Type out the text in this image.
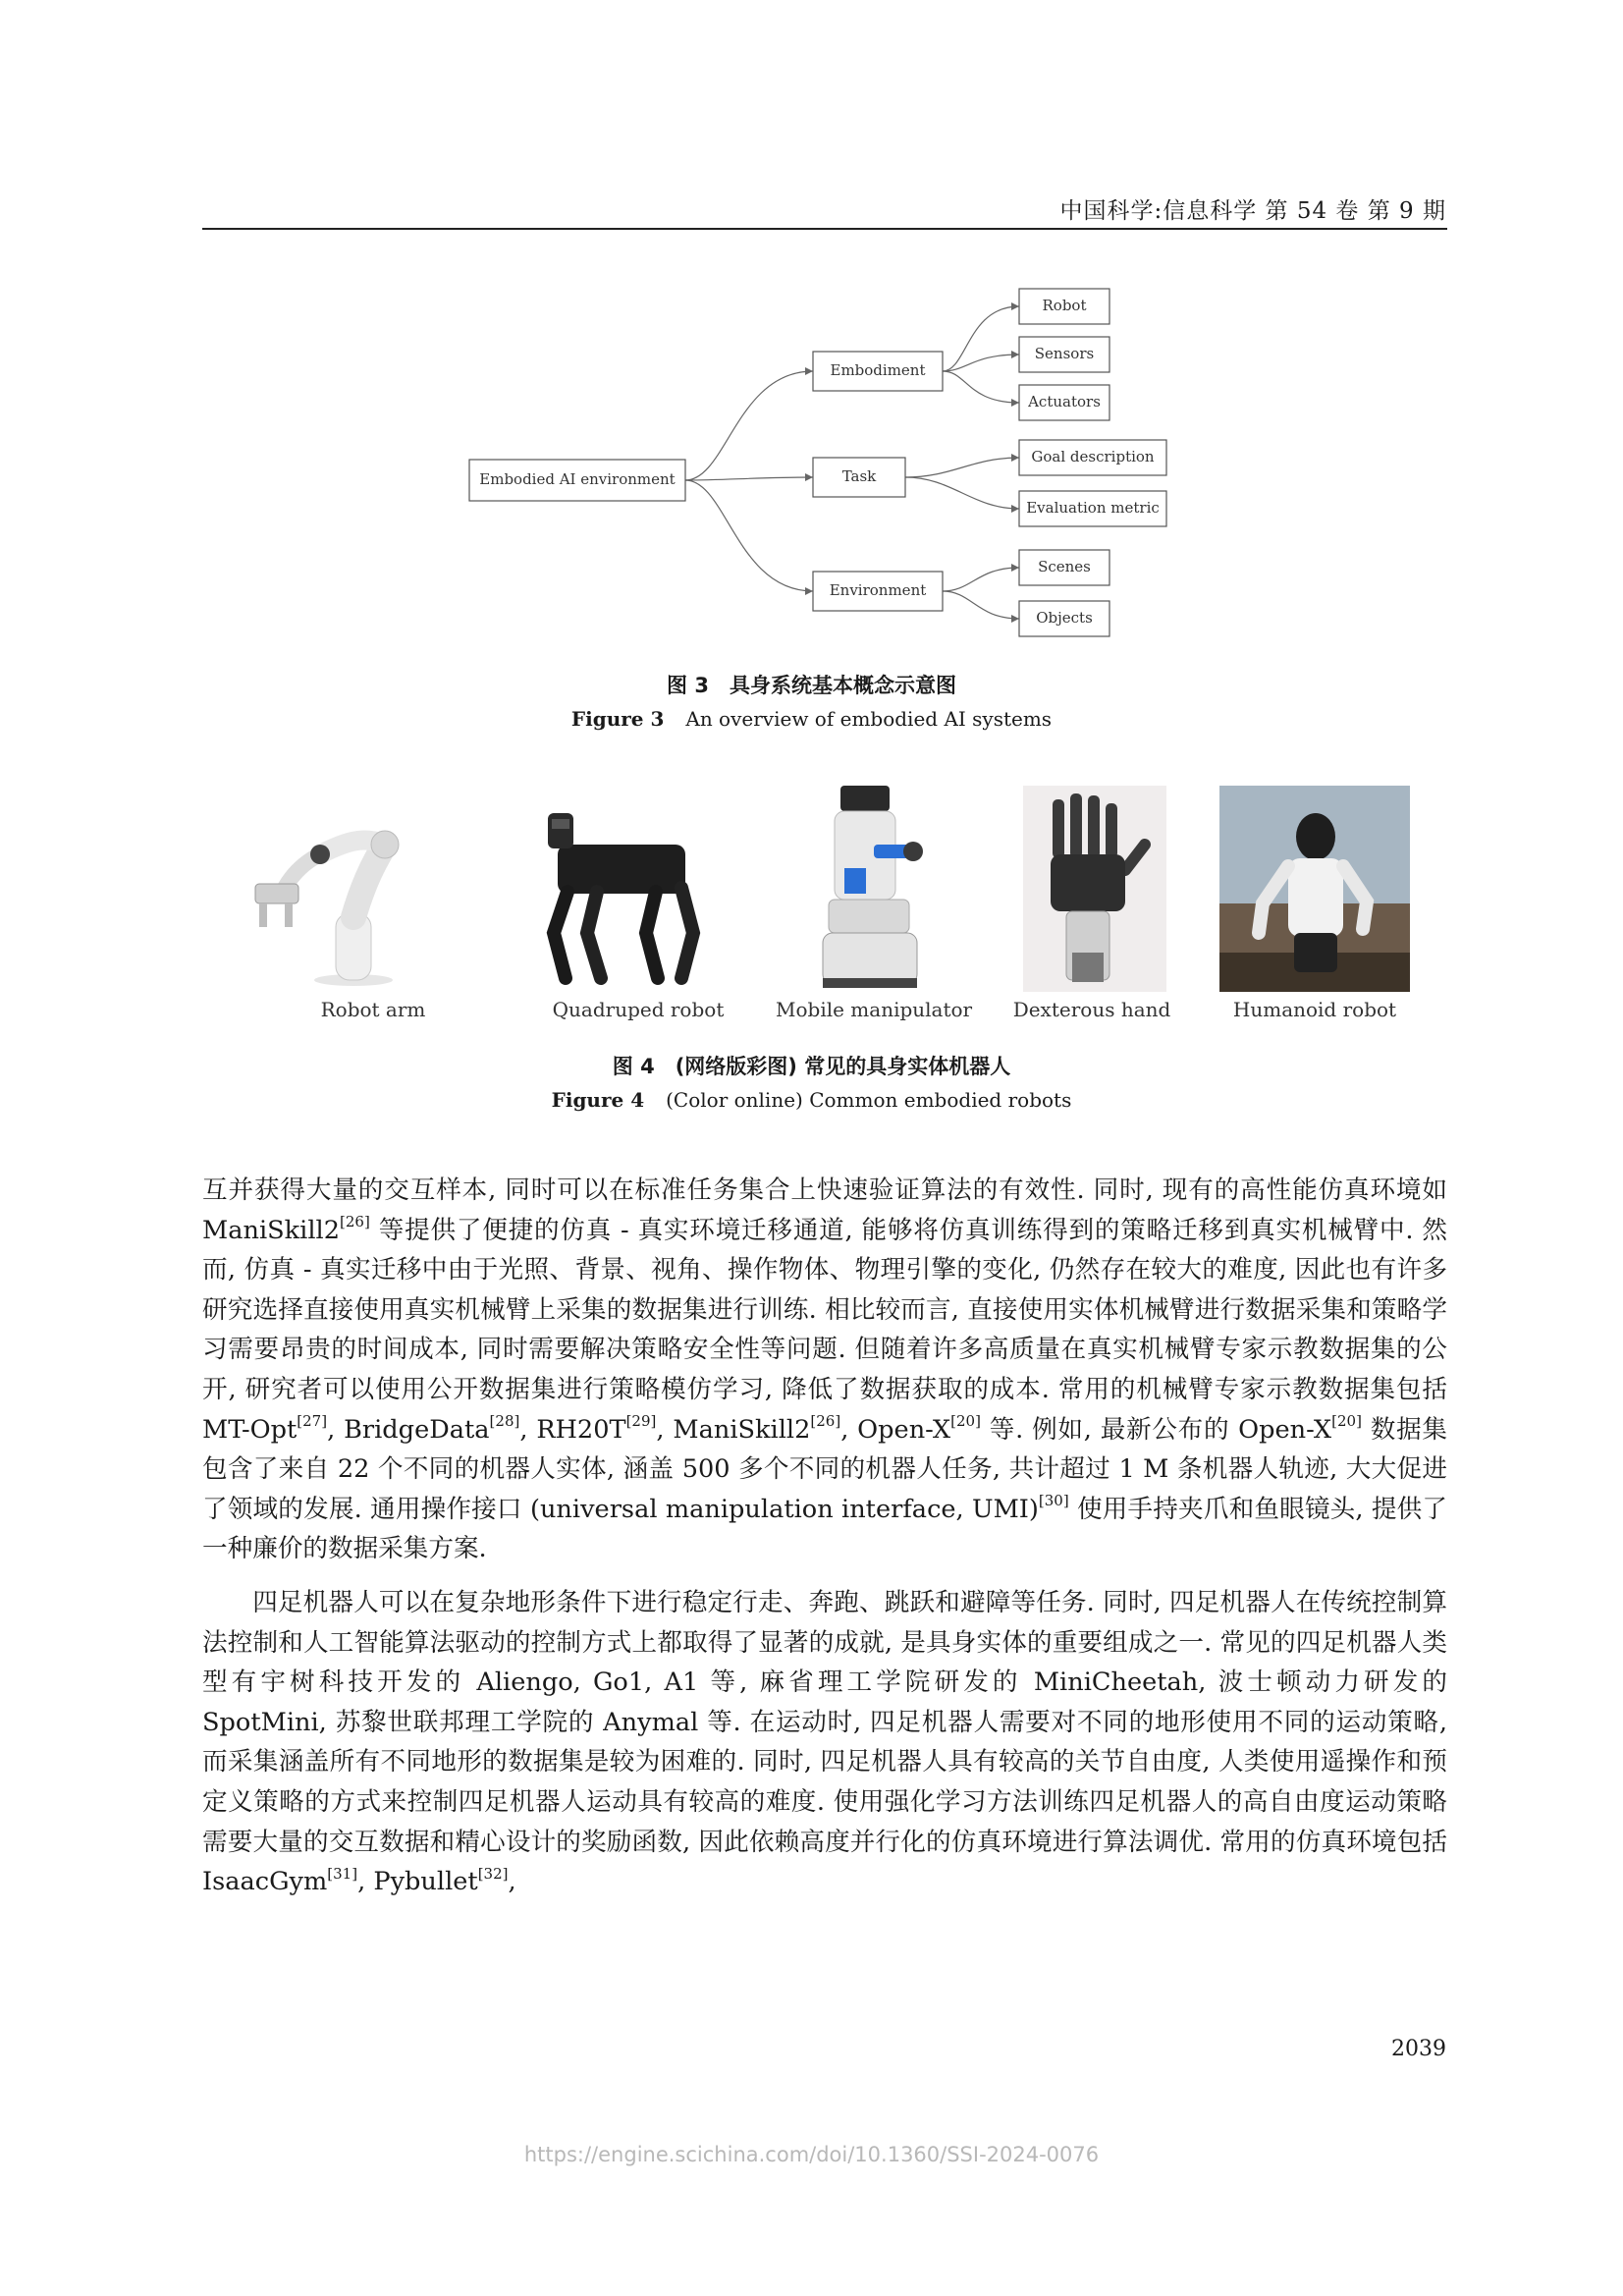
中国科学:信息科学 第 54 卷 第 9 期
Embodied AI environment
Embodiment
Task
Environment
Robot
Sensors
Actuators
Goal description
Evaluation metric
Scenes
Objects
图 3　具身系统基本概念示意图
Figure 3 An overview of embodied AI systems
Robot arm	Quadruped robot	Mobile manipulator	Dexterous hand	Humanoid robot
图 4　(网络版彩图) 常见的具身实体机器人
Figure 4 (Color online) Common embodied robots

互并获得大量的交互样本, 同时可以在标准任务集合上快速验证算法的有效性. 同时, 现有的高性能仿真环境如 ManiSkill2[26] 等提供了便捷的仿真 - 真实环境迁移通道, 能够将仿真训练得到的策略迁移到真实机械臂中. 然而, 仿真 - 真实迁移中由于光照、背景、视角、操作物体、物理引擎的变化, 仍然存在较大的难度, 因此也有许多研究选择直接使用真实机械臂上采集的数据集进行训练. 相比较而言, 直接使用实体机械臂进行数据采集和策略学习需要昂贵的时间成本, 同时需要解决策略安全性等问题. 但随着许多高质量在真实机械臂专家示教数据集的公开, 研究者可以使用公开数据集进行策略模仿学习, 降低了数据获取的成本. 常用的机械臂专家示教数据集包括 MT-Opt[27], BridgeData[28], RH20T[29], ManiSkill2[26], Open-X[20] 等. 例如, 最新公布的 Open-X[20] 数据集包含了来自 22 个不同的机器人实体, 涵盖 500 多个不同的机器人任务, 共计超过 1 M 条机器人轨迹, 大大促进了领域的发展. 通用操作接口 (universal manipulation interface, UMI)[30] 使用手持夹爪和鱼眼镜头, 提供了一种廉价的数据采集方案.

四足机器人可以在复杂地形条件下进行稳定行走、奔跑、跳跃和避障等任务. 同时, 四足机器人在传统控制算法控制和人工智能算法驱动的控制方式上都取得了显著的成就, 是具身实体的重要组成之一. 常见的四足机器人类型有宇树科技开发的 Aliengo, Go1, A1 等, 麻省理工学院研发的 MiniCheetah, 波士顿动力研发的 SpotMini, 苏黎世联邦理工学院的 Anymal 等. 在运动时, 四足机器人需要对不同的地形使用不同的运动策略, 而采集涵盖所有不同地形的数据集是较为困难的. 同时, 四足机器人具有较高的关节自由度, 人类使用遥操作和预定义策略的方式来控制四足机器人运动具有较高的难度. 使用强化学习方法训练四足机器人的高自由度运动策略需要大量的交互数据和精心设计的奖励函数, 因此依赖高度并行化的仿真环境进行算法调优. 常用的仿真环境包括 IsaacGym[31], Pybullet[32],

2039
https://engine.scichina.com/doi/10.1360/SSI-2024-0076
